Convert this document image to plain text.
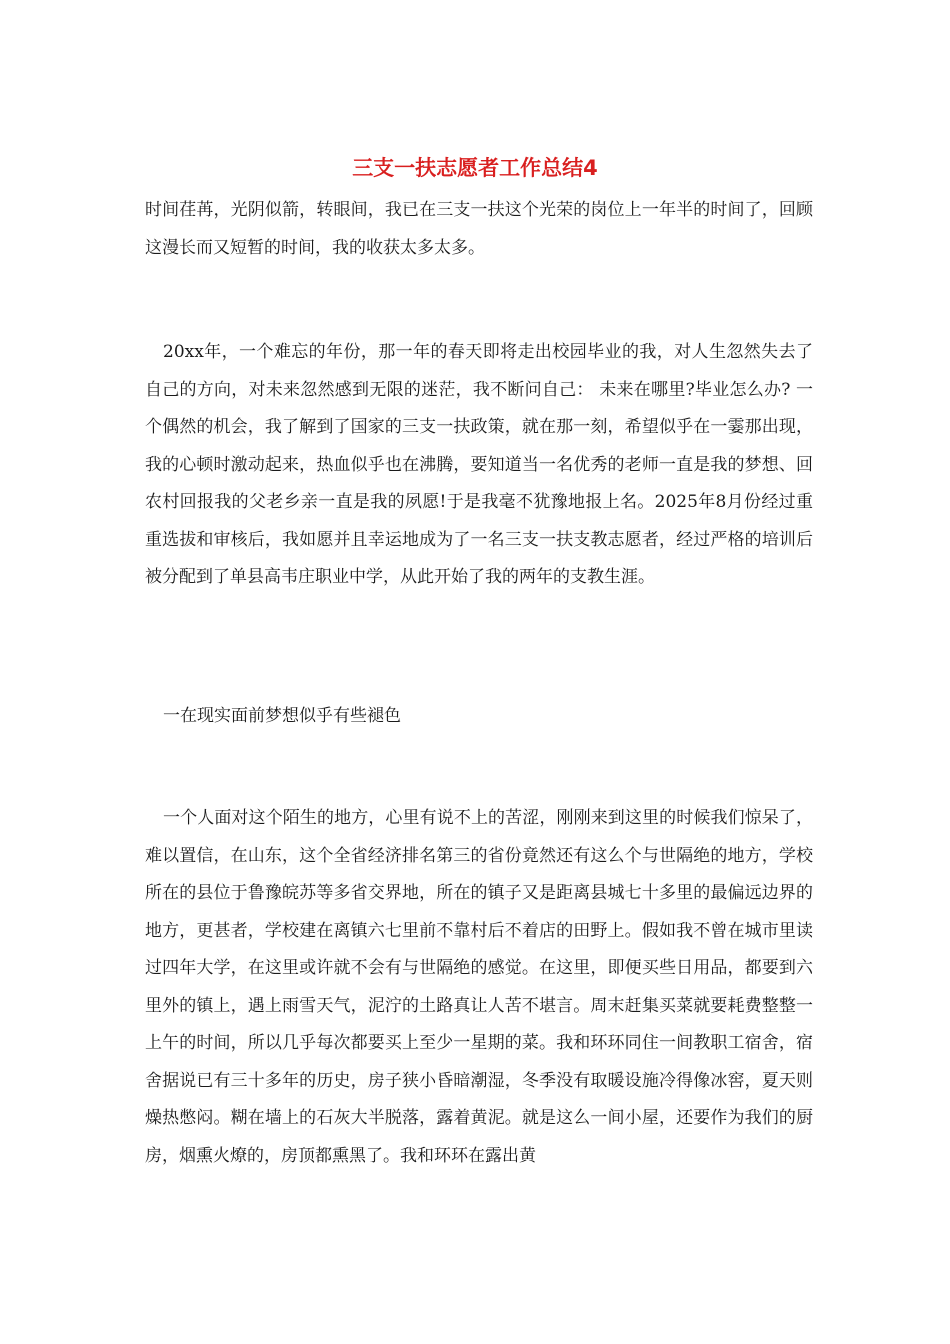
三支一扶志愿者工作总结4

时间荏苒，光阴似箭，转眼间，我已在三支一扶这个光荣的岗位上一年半的时间了，回顾这漫长而又短暂的时间，我的收获太多太多。

20xx年，一个难忘的年份，那一年的春天即将走出校园毕业的我，对人生忽然失去了自己的方向，对未来忽然感到无限的迷茫，我不断问自己： 未来在哪里?毕业怎么办? 一个偶然的机会，我了解到了国家的三支一扶政策，就在那一刻，希望似乎在一霎那出现，我的心顿时激动起来，热血似乎也在沸腾，要知道当一名优秀的老师一直是我的梦想、回农村回报我的父老乡亲一直是我的夙愿!于是我毫不犹豫地报上名。2025年8月份经过重重选拔和审核后，我如愿并且幸运地成为了一名三支一扶支教志愿者，经过严格的培训后被分配到了单县高韦庄职业中学，从此开始了我的两年的支教生涯。

一在现实面前梦想似乎有些褪色

一个人面对这个陌生的地方，心里有说不上的苦涩，刚刚来到这里的时候我们惊呆了，难以置信，在山东，这个全省经济排名第三的省份竟然还有这么个与世隔绝的地方，学校所在的县位于鲁豫皖苏等多省交界地，所在的镇子又是距离县城七十多里的最偏远边界的地方，更甚者，学校建在离镇六七里前不靠村后不着店的田野上。假如我不曾在城市里读过四年大学，在这里或许就不会有与世隔绝的感觉。在这里，即便买些日用品，都要到六里外的镇上，遇上雨雪天气，泥泞的土路真让人苦不堪言。周末赶集买菜就要耗费整整一上午的时间，所以几乎每次都要买上至少一星期的菜。我和环环同住一间教职工宿舍，宿舍据说已有三十多年的历史，房子狭小昏暗潮湿，冬季没有取暖设施冷得像冰窖，夏天则燥热憋闷。糊在墙上的石灰大半脱落，露着黄泥。就是这么一间小屋，还要作为我们的厨房，烟熏火燎的，房顶都熏黑了。我和环环在露出黄
